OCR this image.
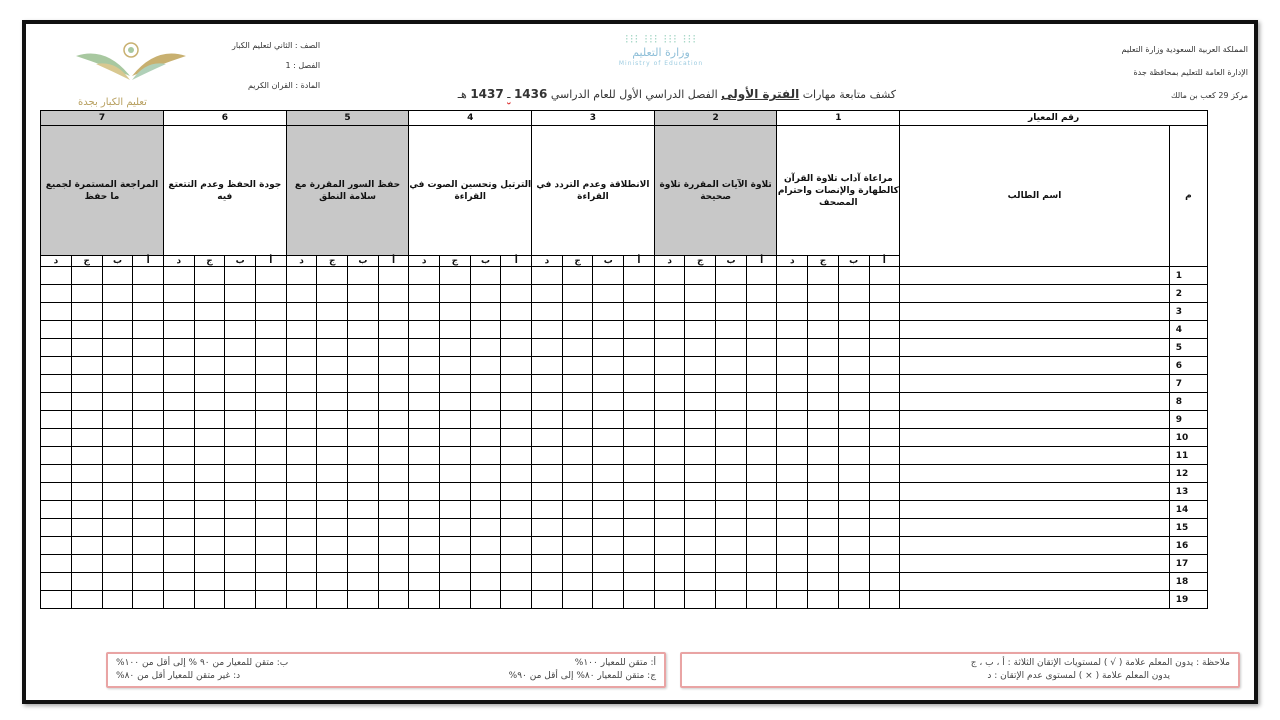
المملكة العربية السعودية وزارة التعليم
الإدارة العامة للتعليم بمحافظة جدة
مركز 29 كعب بن مالك
⁝⁝⁝ ⁝⁝⁝ ⁝⁝⁝ ⁝⁝⁝
وزارة التعليم
Ministry of Education
الصف : الثاني لتعليم الكبار
الفصل : 1
المادة : القران الكريم
تعليم الكبار بجدة
كشف متابعة مهارات الفترة الأولى الفصل الدراسي الأول للعام الدراسي 1436 ـ 1437 هـ
رقم المعيار		1				2				3				4				5				6				7			
م	اسم الطالب	مراعاة آداب تلاوة القرآن كالطهارة والإنصات واحترام المصحف				تلاوة الآيات المقررة تلاوة صحيحة				الانطلاقة وعدم التردد في القراءة				الترتيل وتحسين الصوت في القراءة				حفظ السور المقررة مع سلامة النطق				جودة الحفظ وعدم التتعتع فيه				المراجعة المستمرة لجميع ما حفظ			
		أ	ب	ج	د	أ	ب	ج	د	أ	ب	ج	د	أ	ب	ج	د	أ	ب	ج	د	أ	ب	ج	د	أ	ب	ج	د
1																													
2																													
3																													
4																													
5																													
6																													
7																													
8																													
9																													
10																													
11																													
12																													
13																													
14																													
15																													
16																													
17																													
18																													
19																													
ملاحظة : يدون المعلم علامة ( √ ) لمستويات الإتقان الثلاثة : أ ، ب ، ج
يدون المعلم علامة ( × ) لمستوى عدم الإتقان : د
أ: متقن للمعيار ١٠٠%
ب: متقن للمعيار من ٩٠ % إلى أقل من ١٠٠%
ج: متقن للمعيار ٨٠% إلى أقل من ٩٠%
د: غير متقن للمعيار أقل من ٨٠%
